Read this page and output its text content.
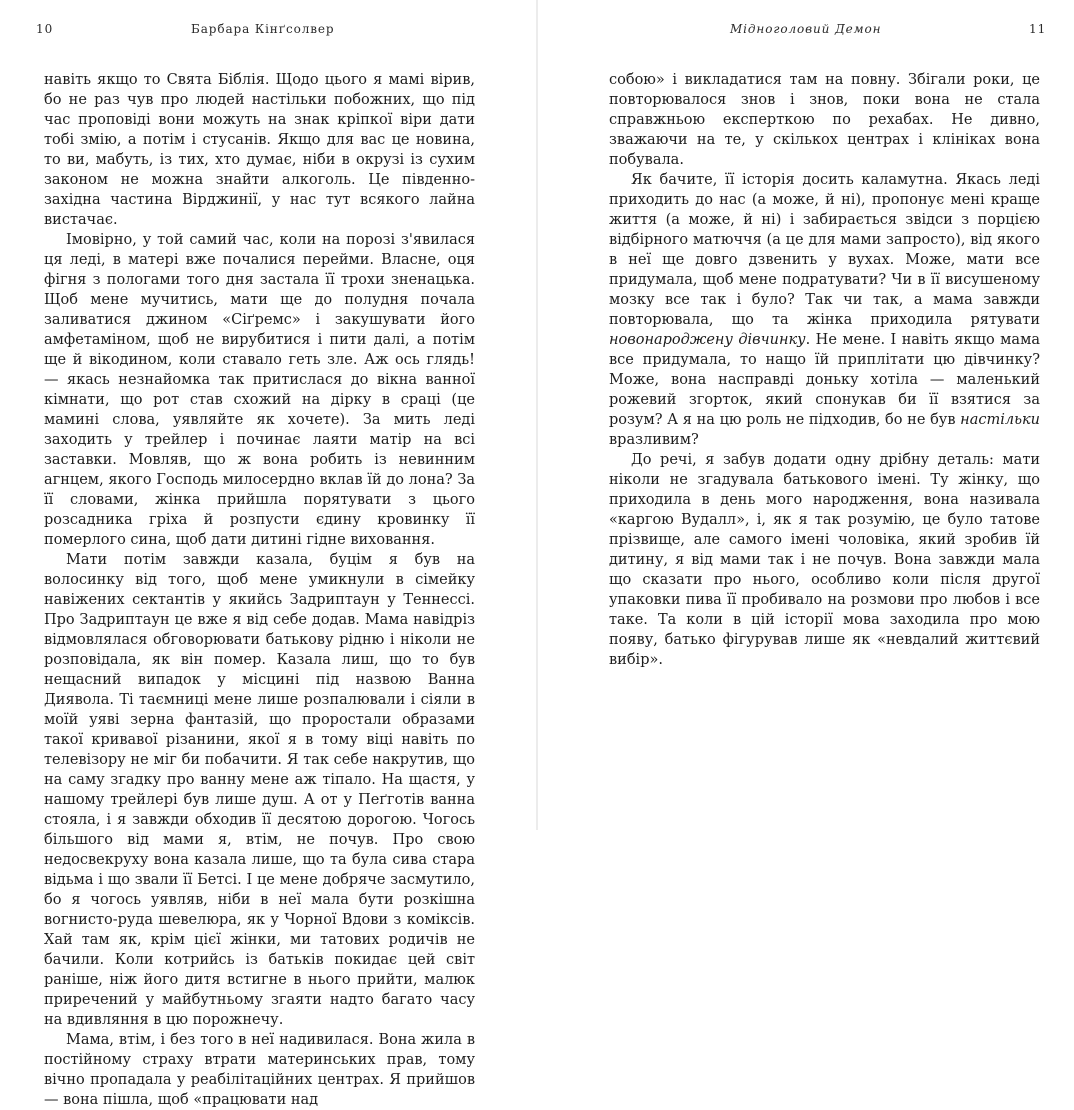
10	Барбара Кінґсолвер

навіть якщо то Свята Біблія. Щодо цього я мамі вірив, бо не раз чув про людей настільки побожних, що під час проповіді вони можуть на знак кріпкої віри дати тобі змію, а потім і стусанів. Якщо для вас це новина, то ви, мабуть, із тих, хто думає, ніби в окрузі із сухим законом не можна знайти алкоголь. Це південно-західна частина Вірджинії, у нас тут всякого лайна вистачає.

Імовірно, у той самий час, коли на порозі з'явилася ця леді, в матері вже почалися перейми. Власне, оця фігня з пологами того дня застала її трохи зненацька. Щоб мене мучитись, мати ще до полудня почала заливатися джином «Сіґремс» і закушувати його амфетаміном, щоб не вирубитися і пити далі, а потім ще й вікодином, коли ставало геть зле. Аж ось глядь! — якась незнайомка так притислася до вікна ванної кімнати, що рот став схожий на дірку в сраці (це мамині слова, уявляйте як хочете). За мить леді заходить у трейлер і починає лаяти матір на всі заставки. Мовляв, що ж вона робить із невинним агнцем, якого Господь милосердно вклав їй до лона? За її словами, жінка прийшла порятувати з цього розсадника гріха й розпусти єдину кровинку її померлого сина, щоб дати дитині гідне виховання.

Мати потім завжди казала, буцім я був на волосинку від того, щоб мене умикнули в сімейку навіжених сектантів у якийсь Задриптаун у Теннессі. Про Задриптаун це вже я від себе додав. Мама навідріз відмовлялася обговорювати батькову рідню і ніколи не розповідала, як він помер. Казала лиш, що то був нещасний випадок у місцині під назвою Ванна Диявола. Ті таємниці мене лише розпалювали і сіяли в моїй уяві зерна фантазій, що проростали образами такої кривавої різанини, якої я в тому віці навіть по телевізору не міг би побачити. Я так себе накрутив, що на саму згадку про ванну мене аж тіпало. На щастя, у нашому трейлері був лише душ. А от у Пеґготів ванна стояла, і я завжди обходив її десятою дорогою. Чогось більшого від мами я, втім, не почув. Про свою недосвекруху вона казала лише, що та була сива стара відьма і що звали її Бетсі. І це мене добряче засмутило, бо я чогось уявляв, ніби в неї мала бути розкішна вогнисто-руда шевелюра, як у Чорної Вдови з коміксів. Хай там як, крім цієї жінки, ми татових родичів не бачили. Коли котрийсь із батьків покидає цей світ раніше, ніж його дитя встигне в нього прийти, малюк приречений у майбутньому згаяти надто багато часу на вдивляння в цю порожнечу.

Мама, втім, і без того в неї надивилася. Вона жила в постійному страху втрати материнських прав, тому вічно пропадала у реабілітаційних центрах. Я прийшов — вона пішла, щоб «працювати над

Мідноголовий Демон	11

собою» і викладатися там на повну. Збігали роки, це повторювалося знов і знов, поки вона не стала справжньою експерткою по рехабах. Не дивно, зважаючи на те, у скількох центрах і клініках вона побувала.

Як бачите, її історія досить каламутна. Якась леді приходить до нас (а може, й ні), пропонує мені краще життя (а може, й ні) і забирається звідси з порцією відбірного матюччя (а це для мами запросто), від якого в неї ще довго дзвенить у вухах. Може, мати все придумала, щоб мене подратувати? Чи в її висушеному мозку все так і було? Так чи так, а мама завжди повторювала, що та жінка приходила рятувати новонароджену дівчинку. Не мене. І навіть якщо мама все придумала, то нащо їй приплітати цю дівчинку? Може, вона насправді доньку хотіла — маленький рожевий згорток, який спонукав би її взятися за розум? А я на цю роль не підходив, бо не був настільки вразливим?

До речі, я забув додати одну дрібну деталь: мати ніколи не згадувала батькового імені. Ту жінку, що приходила в день мого народження, вона називала «каргою Вудалл», і, як я так розумію, це було татове прізвище, але самого імені чоловіка, який зробив їй дитину, я від мами так і не почув. Вона завжди мала що сказати про нього, особливо коли після другої упаковки пива її пробивало на розмови про любов і все таке. Та коли в цій історії мова заходила про мою появу, батько фігурував лише як «невдалий життєвий вибір».
